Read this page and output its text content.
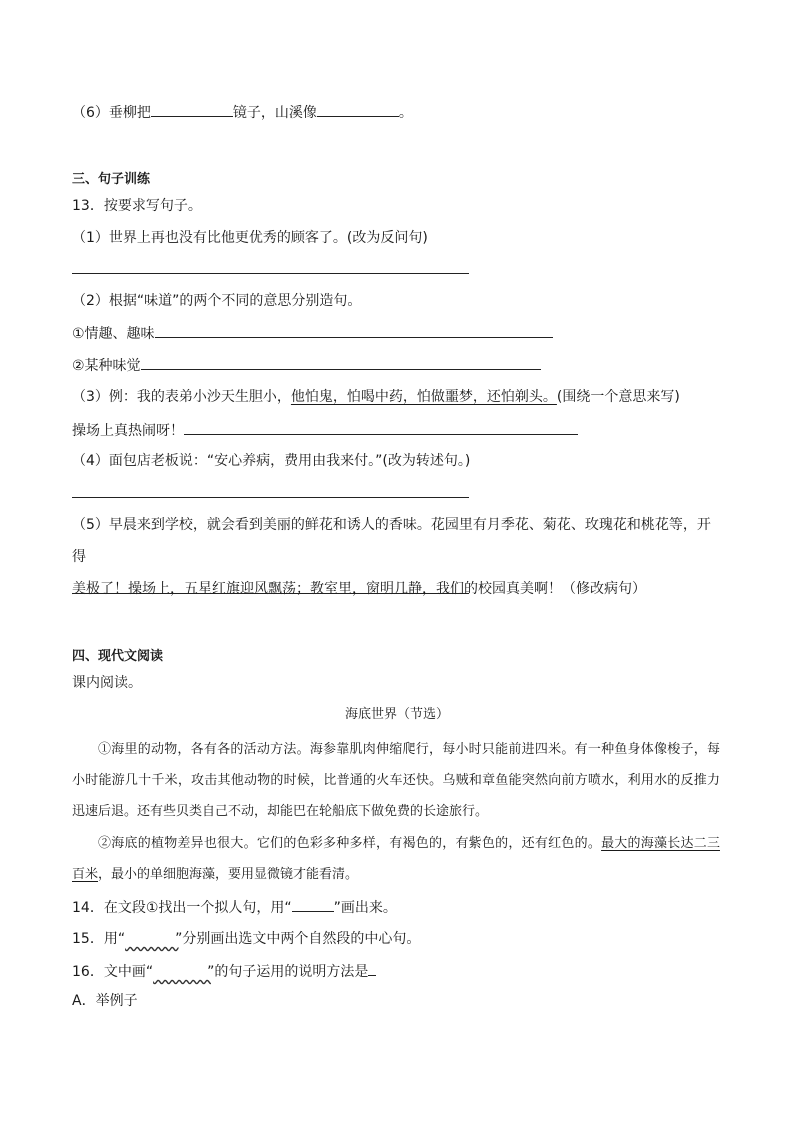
（6）垂柳把	镜子，山溪像	。
三、句子训练
13．按要求写句子。
（1）世界上再也没有比他更优秀的顾客了。(改为反问句)
（2）根据“味道”的两个不同的意思分别造句。
①情趣、趣味
②某种味觉
（3）例：我的表弟小沙天生胆小，他怕鬼，怕喝中药，怕做噩梦，还怕剃头。(围绕一个意思来写)
操场上真热闹呀！
（4）面包店老板说：“安心养病，费用由我来付。”(改为转述句。)
（5）早晨来到学校，就会看到美丽的鲜花和诱人的香味。花园里有月季花、菊花、玫瑰花和桃花等，开得
美极了！操场上，五星红旗迎风飘荡；教室里，窗明几静，我们的校园真美啊！（修改病句）
四、现代文阅读
课内阅读。
海底世界（节选）
①海里的动物，各有各的活动方法。海参靠肌肉伸缩爬行，每小时只能前进四米。有一种鱼身体像梭子，每小时能游几十千米，攻击其他动物的时候，比普通的火车还快。乌贼和章鱼能突然向前方喷水，利用水的反推力迅速后退。还有些贝类自己不动，却能巴在轮船底下做免费的长途旅行。
②海底的植物差异也很大。它们的色彩多种多样，有褐色的，有紫色的，还有红色的。最大的海藻长达二三百米，最小的单细胞海藻，要用显微镜才能看清。
14．在文段①找出一个拟人句，用“	”画出来。
15．用“​            ”分别画出选文中两个自然段的中心句。
16．文中画“​             ”的句子运用的说明方法是
A．举例子
